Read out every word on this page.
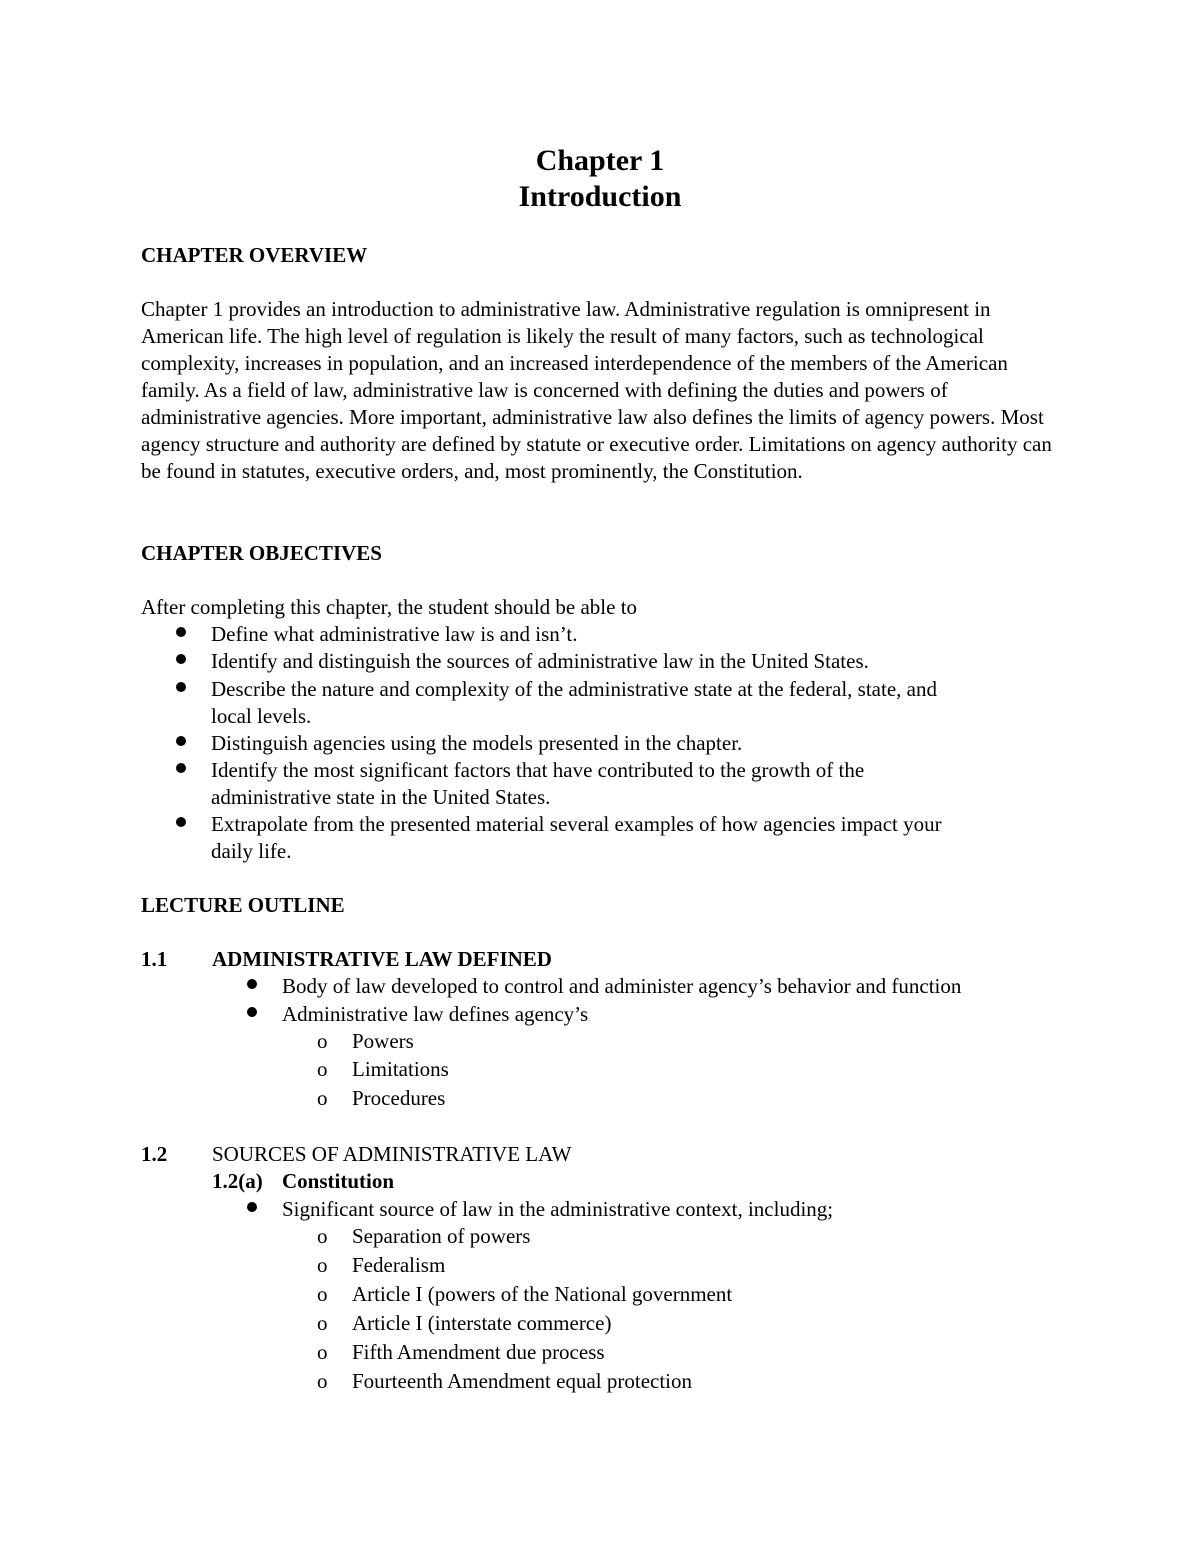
Chapter 1
Introduction
CHAPTER OVERVIEW

Chapter 1 provides an introduction to administrative law. Administrative regulation is omnipresent in American life. The high level of regulation is likely the result of many factors, such as technological complexity, increases in population, and an increased interdependence of the members of the American family. As a field of law, administrative law is concerned with defining the duties and powers of administrative agencies. More important, administrative law also defines the limits of agency powers. Most agency structure and authority are defined by statute or executive order. Limitations on agency authority can be found in statutes, executive orders, and, most prominently, the Constitution.

CHAPTER OBJECTIVES
After completing this chapter, the student should be able to
Define what administrative law is and isn’t.
Identify and distinguish the sources of administrative law in the United States.
Describe the nature and complexity of the administrative state at the federal, state, and
local levels.
Distinguish agencies using the models presented in the chapter.
Identify the most significant factors that have contributed to the growth of the
administrative state in the United States.
Extrapolate from the presented material several examples of how agencies impact your
daily life.
LECTURE OUTLINE
1.1 ADMINISTRATIVE LAW DEFINED
Body of law developed to control and administer agency’s behavior and function
Administrative law defines agency’s
o Powers
o Limitations
o Procedures
1.2 SOURCES OF ADMINISTRATIVE LAW
1.2(a) Constitution
Significant source of law in the administrative context, including;
o Separation of powers
o Federalism
o Article I (powers of the National government
o Article I (interstate commerce)
o Fifth Amendment due process
o Fourteenth Amendment equal protection
